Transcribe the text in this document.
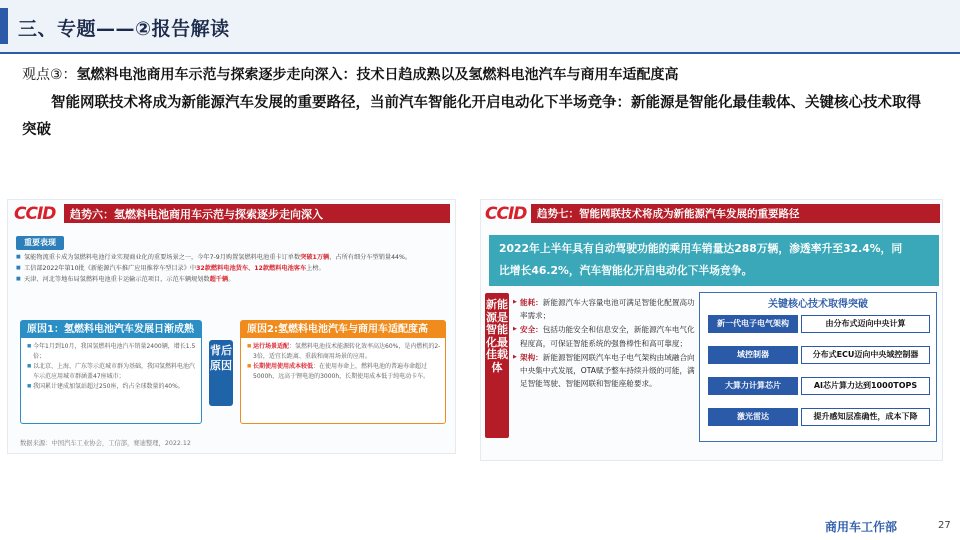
三、专题——②报告解读
观点③：氢燃料电池商用车示范与探索逐步走向深入：技术日趋成熟以及氢燃料电池汽车与商用车适配度高
智能网联技术将成为新能源汽车发展的重要路径，当前汽车智能化开启电动化下半场竞争：新能源是智能化最佳载体、关键核心技术取得突破
CCID 趋势六：氢燃料电池商用车示范与探索逐步走向深入
重要表现
■ 氢能物流重卡成为氢燃料电池行业实现商业化的重要场景之一，今年7-9月购置氢燃料电池重卡订单数突破1万辆，占所有细分车型销量44%。
■ 工信部2022年第10批《新能源汽车推广应用推荐车型目录》中32款燃料电池货车、12款燃料电池客车上榜。
■ 天津、河北等地布局氢燃料电池重卡运输示范项目，示范车辆规划数超千辆。
原因1：氢燃料电池汽车发展日渐成熟
■ 今年1月到10月，我国氢燃料电池汽车销量2400辆，增长1.5倍；
■ 以北京、上海、广东等示范城市群为基础，我国氢燃料电池汽车示范应用城市群涵盖47座城市；
■ 我国累计建成加氢站超过250座，约占全球数量的40%。
背后原因
原因2:氢燃料电池汽车与商用车适配度高
■ 运行场景适配：氢燃料电池技术能源转化效率高达60%，是内燃机的2-3倍，适宜长距离、重载和商用场景的应用。
■ 长期使用使用成本较低：在使用寿命上，燃料电池的普遍寿命超过5000h，远高于锂电池的3000h，长期使用成本低于纯电动卡车。
数据来源：中国汽车工业协会，工信部，赛迪整理，2022.12
CCID 趋势七：智能网联技术将成为新能源汽车发展的重要路径
2022年上半年具有自动驾驶功能的乘用车销量达288万辆，渗透率升至32.4%，同
比增长46.2%，汽车智能化开启电动化下半场竞争。
新能源是智能化最佳载体
▶ 能耗：新能源汽车大容量电池可满足智能化配置高功率需求；
▶ 安全：包括功能安全和信息安全，新能源汽车电气化程度高，可保证智能系统的强鲁棒性和高可靠度；
▶ 架构：新能源智能网联汽车电子电气架构由域融合向中央集中式发展，OTA赋予整车持续升级的可能，满足智能驾驶、智能网联和智能座舱要求。
关键核心技术取得突破
新一代电子电气架构	由分布式迈向中央计算
域控制器	分布式ECU迈向中央域控制器
大算力计算芯片	AI芯片算力达到1000TOPS
激光雷达	提升感知层准确性，成本下降
商用车工作部	27
